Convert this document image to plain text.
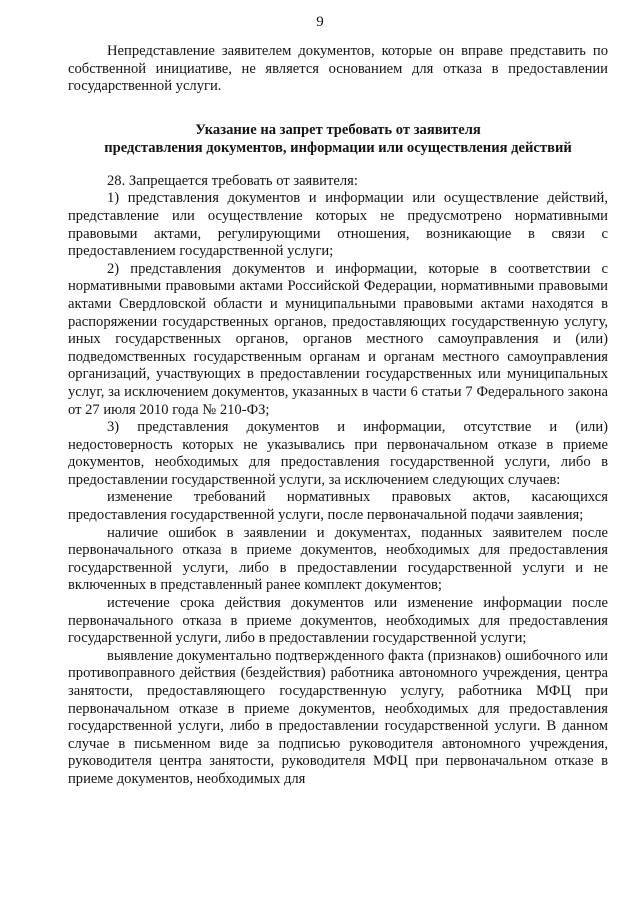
9

Непредставление заявителем документов, которые он вправе представить по собственной инициативе, не является основанием для отказа в предоставлении государственной услуги.

Указание на запрет требовать от заявителя
представления документов, информации или осуществления действий

28. Запрещается требовать от заявителя:

1) представления документов и информации или осуществление действий, представление или осуществление которых не предусмотрено нормативными правовыми актами, регулирующими отношения, возникающие в связи с предоставлением государственной услуги;

2) представления документов и информации, которые в соответствии с нормативными правовыми актами Российской Федерации, нормативными правовыми актами Свердловской области и муниципальными правовыми актами находятся в распоряжении государственных органов, предоставляющих государственную услугу, иных государственных органов, органов местного самоуправления и (или) подведомственных государственным органам и органам местного самоуправления организаций, участвующих в предоставлении государственных или муниципальных услуг, за исключением документов, указанных в части 6 статьи 7 Федерального закона от 27 июля 2010 года № 210-ФЗ;

3) представления документов и информации, отсутствие и (или) недостоверность которых не указывались при первоначальном отказе в приеме документов, необходимых для предоставления государственной услуги, либо в предоставлении государственной услуги, за исключением следующих случаев:

изменение требований нормативных правовых актов, касающихся предоставления государственной услуги, после первоначальной подачи заявления;

наличие ошибок в заявлении и документах, поданных заявителем после первоначального отказа в приеме документов, необходимых для предоставления государственной услуги, либо в предоставлении государственной услуги и не включенных в представленный ранее комплект документов;

истечение срока действия документов или изменение информации после первоначального отказа в приеме документов, необходимых для предоставления государственной услуги, либо в предоставлении государственной услуги;

выявление документально подтвержденного факта (признаков) ошибочного или противоправного действия (бездействия) работника автономного учреждения, центра занятости, предоставляющего государственную услугу, работника МФЦ при первоначальном отказе в приеме документов, необходимых для предоставления государственной услуги, либо в предоставлении государственной услуги. В данном случае в письменном виде за подписью руководителя автономного учреждения, руководителя центра занятости, руководителя МФЦ при первоначальном отказе в приеме документов, необходимых для
